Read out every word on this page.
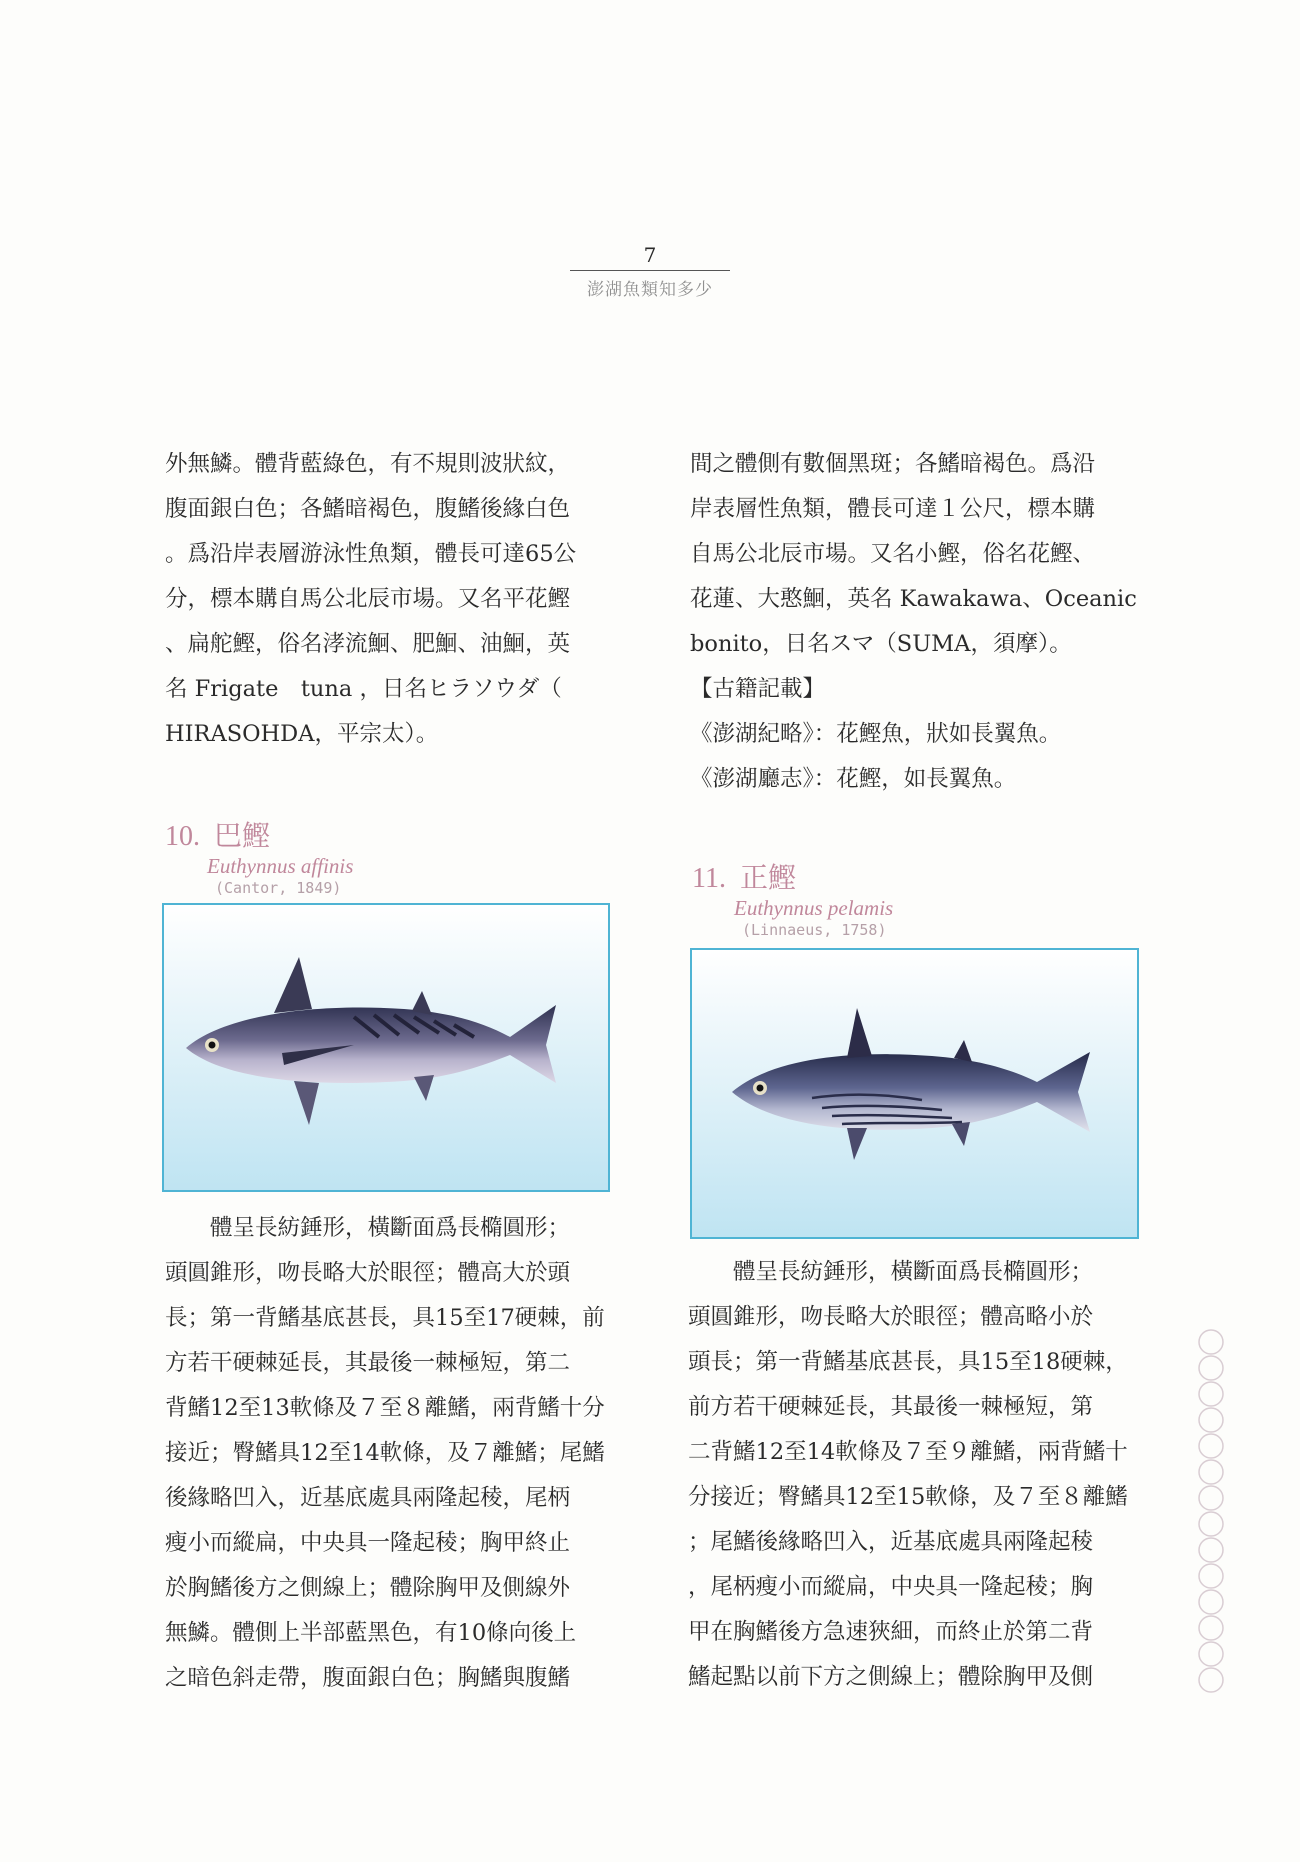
7
澎湖魚類知多少

外無鱗。體背藍綠色，有不規則波狀紋，

腹面銀白色；各鰭暗褐色，腹鰭後緣白色

。爲沿岸表層游泳性魚類，體長可達65公

分，標本購自馬公北辰市場。又名平花鰹

、扁舵鰹，俗名涍流鮰、肥鮰、油鮰，英

名 Frigate　tuna ，日名ヒラソウダ（

HIRASOHDA，平宗太）。

間之體側有數個黑斑；各鰭暗褐色。爲沿

岸表層性魚類，體長可達１公尺，標本購

自馬公北辰市場。又名小鰹，俗名花鰹、

花蓮、大憨鮰，英名 Kawakawa、Oceanic

bonito，日名スマ（SUMA，須摩）。

【古籍記載】

《澎湖紀略》：花鰹魚，狀如長翼魚。

《澎湖廳志》：花鰹，如長翼魚。

10. 巴鰹
Euthynnus affinis
(Cantor, 1849)

　　體呈長紡錘形，橫斷面爲長橢圓形；

頭圓錐形，吻長略大於眼徑；體高大於頭

長；第一背鰭基底甚長，具15至17硬棘，前

方若干硬棘延長，其最後一棘極短，第二

背鰭12至13軟條及７至８離鰭，兩背鰭十分

接近；臀鰭具12至14軟條，及７離鰭；尾鰭

後緣略凹入，近基底處具兩隆起稜，尾柄

瘦小而縱扁，中央具一隆起稜；胸甲終止

於胸鰭後方之側線上；體除胸甲及側線外

無鱗。體側上半部藍黑色，有10條向後上

之暗色斜走帶，腹面銀白色；胸鰭與腹鰭

11. 正鰹
Euthynnus pelamis
(Linnaeus, 1758)

　　體呈長紡錘形，橫斷面爲長橢圓形；

頭圓錐形，吻長略大於眼徑；體高略小於

頭長；第一背鰭基底甚長，具15至18硬棘，

前方若干硬棘延長，其最後一棘極短，第

二背鰭12至14軟條及７至９離鰭，兩背鰭十

分接近；臀鰭具12至15軟條，及７至８離鰭

；尾鰭後緣略凹入，近基底處具兩隆起稜

，尾柄瘦小而縱扁，中央具一隆起稜；胸

甲在胸鰭後方急速狹細，而終止於第二背

鰭起點以前下方之側線上；體除胸甲及側
